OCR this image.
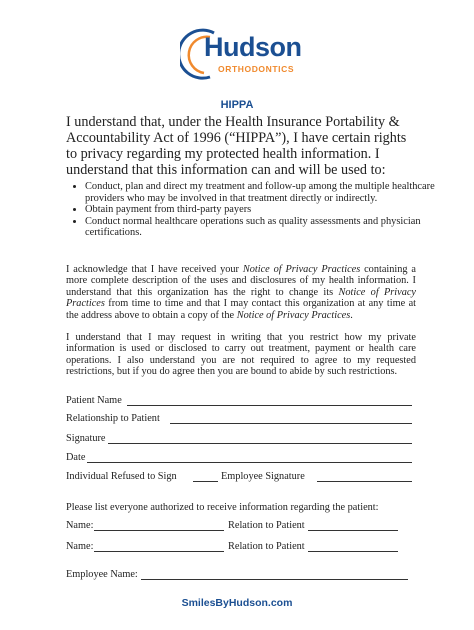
Hudson
ORTHODONTICS
HIPPA
I understand that, under the Health Insurance Portability & Accountability Act of 1996 (“HIPPA”), I have certain rights to privacy regarding my protected health information. I understand that this information can and will be used to:
• Conduct, plan and direct my treatment and follow-up among the multiple healthcare providers who may be involved in that treatment directly or indirectly.
• Obtain payment from third-party payers
• Conduct normal healthcare operations such as quality assessments and physician certifications.
I acknowledge that I have received your Notice of Privacy Practices containing a more complete description of the uses and disclosures of my health information. I understand that this organization has the right to change its Notice of Privacy Practices from time to time and that I may contact this organization at any time at the address above to obtain a copy of the Notice of Privacy Practices.
I understand that I may request in writing that you restrict how my private information is used or disclosed to carry out treatment, payment or health care operations. I also understand you are not required to agree to my requested restrictions, but if you do agree then you are bound to abide by such restrictions.
Patient Name
Relationship to Patient
Signature
Date
Individual Refused to Sign	Employee Signature
Please list everyone authorized to receive information regarding the patient:
Name:	Relation to Patient
Name:	Relation to Patient
Employee Name:
SmilesByHudson.com
